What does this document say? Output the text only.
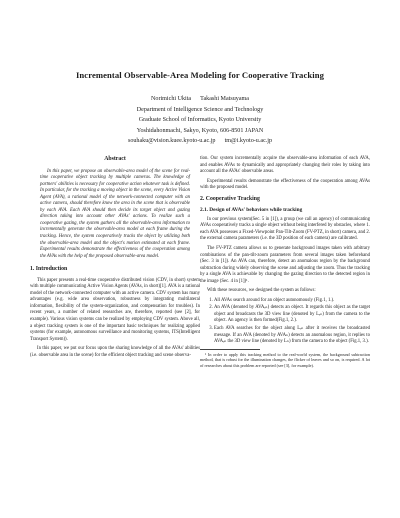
Incremental Observable-Area Modeling for Cooperative Tracking
Norimichi Ukita      Takashi Matsuyama
Department of Intelligence Science and Technology
Graduate School of Informatics, Kyoto University
Yoshidahonmachi, Sakyo, Kyoto, 606-8501 JAPAN
souhaku@vision.kuee.kyoto-u.ac.jp      tm@i.kyoto-u.ac.jp
Abstract

In this paper, we propose an observable-area model of the scene for real-time cooperative object tracking by multiple cameras. The knowledge of partners' abilities is necessary for cooperative action whatever task is defined. In particular, for the tracking a moving object in the scene, every Active Vision Agent (AVA), a rational model of the network-connected computer with an active camera, should therefore know the area in the scene that is observable by each AVA. Each AVA should then decide its target object and gazing direction taking into account other AVAs' actions. To realize such a cooperative gazing, the system gathers all the observable-area information to incrementally generate the observable-area model at each frame during the tracking. Hence, the system cooperatively tracks the object by utilizing both the observable-area model and the object's motion estimated at each frame. Experimental results demonstrate the effectiveness of the cooperation among the AVAs with the help of the proposed observable-area model.

1. Introduction

This paper presents a real-time cooperative distributed vision (CDV, in short) system with multiple communicating Active Vision Agents (AVAs, in short)[1]. AVA is a rational model of the network-connected computer with an active camera. CDV system has many advantages (e.g. wide area observation, robustness by integrating multilateral information, flexibility of the system-organization, and compensation for troubles). In recent years, a number of related researches are, therefore, reported (see [2], for example). Various vision systems can be realized by employing CDV system. Above all, a object tracking system is one of the important basic techniques for realizing applied systems (for example, autonomous surveillance and monitoring systems, ITS(Intelligent Transport System)).

In this paper, we put our focus upon the sharing knowledge of all the AVAs' abilities (i.e. observable area in the scene) for the efficient object tracking and scene observa-

tion. Our system incrementally acquire the observable-area information of each AVA, and enables AVAs to dynamically and appropriately changing their roles by taking into account all the AVAs' observable areas.

Experimental results demonstrate the effectiveness of the cooperation among AVAs with the proposed model.

2. Cooperative Tracking
2.1. Design of AVAs' behaviors while tracking

In our previous system(Sec. 5 in [1]), a group (we call an agency) of communicating AVAs cooperatively tracks a single object without being interfered by obstacles, where 1. each AVA possesses a Fixed-Viewpoint Pan-Tilt-Zoom (FV-PTZ, in short) camera, and 2. the external camera parameters (i.e. the 3D position of each camera) are calibrated.

The FV-PTZ camera allows us to generate background images taken with arbitrary combinations of the pan-tilt-zoom parameters from several images taken beforehand (Sec. 3 in [1]). An AVA can, therefore, detect an anomalous region by the background subtraction during widely observing the scene and adjusting the zoom. Thus the tracking by a single AVA is achievable by changing the gazing direction to the detected region in the image (Sec. 4 in [1])¹.

With these resources, we designed the system as follows:

1. All AVAs search around for an object autonomously (Fig.1, 1.).
2. An AVA (denoted by AVAₑₙ) detects an object. It regards this object as the target object and broadcasts the 3D view line (denoted by Lₑₙ) from the camera to the object. An agency is then formed(Fig.1, 2.).
3. Each AVA searches for the object along Lₑₙ after it receives the broadcasted message. If an AVA (denoted by AVAₙ) detects an anomalous region, it replies to AVAₑₙ the 3D view line (denoted by Lₙ) from the camera to the object (Fig.1, 3.).

¹ In order to apply this tracking method to the real-world system, the background subtraction method, that is robust for the illumination changes, the flicker of leaves and so on, is required. A lot of researches about this problem are reported (see [3], for example).
